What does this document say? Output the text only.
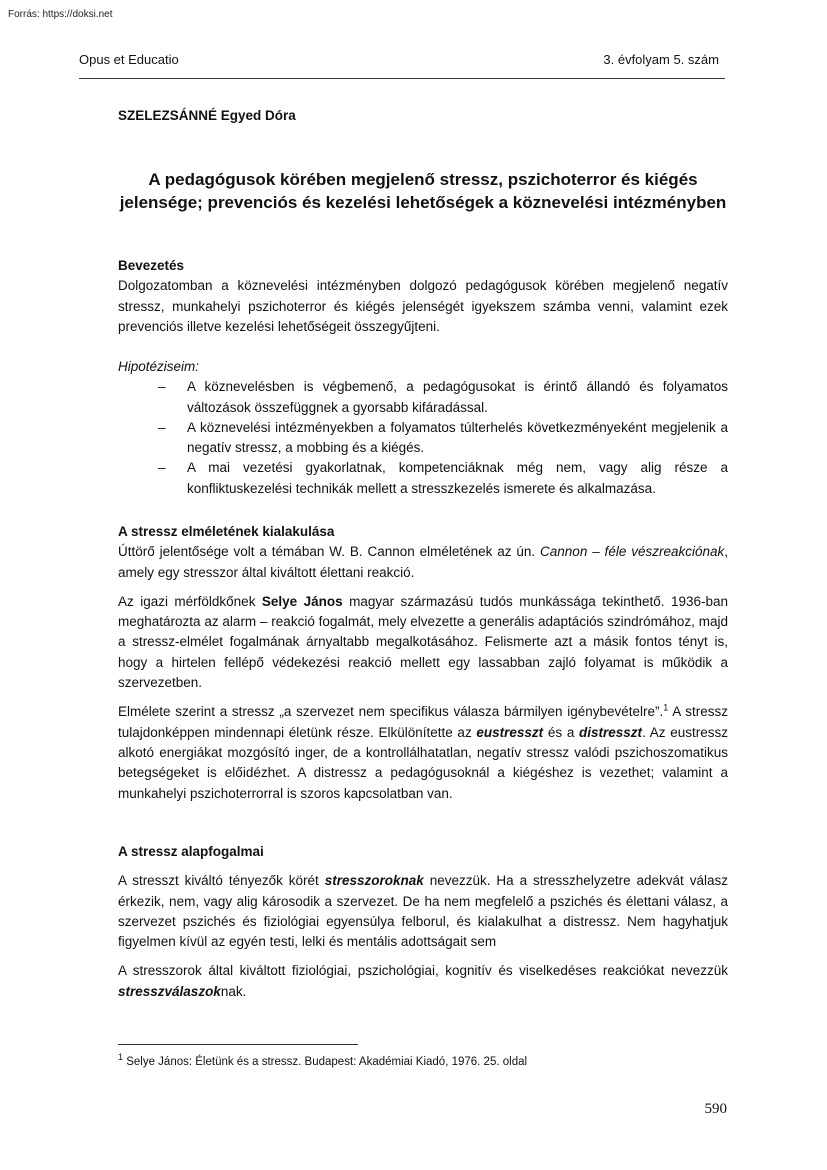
Forrás: https://doksi.net
Opus et Educatio	3. évfolyam 5. szám
SZELEZSÁNNÉ Egyed Dóra
A pedagógusok körében megjelenő stressz, pszichoterror és kiégés
jelensége; prevenciós és kezelési lehetőségek a köznevelési intézményben

Bevezetés

Dolgozatomban a köznevelési intézményben dolgozó pedagógusok körében megjelenő negatív stressz, munkahelyi pszichoterror és kiégés jelenségét igyekszem számba venni, valamint ezek prevenciós illetve kezelési lehetőségeit összegyűjteni.

Hipotéziseim:

– A köznevelésben is végbemenő, a pedagógusokat is érintő állandó és folyamatos változások összefüggnek a gyorsabb kifáradással.
– A köznevelési intézményekben a folyamatos túlterhelés következményeként megjelenik a negatív stressz, a mobbing és a kiégés.
– A mai vezetési gyakorlatnak, kompetenciáknak még nem, vagy alig része a konfliktuskezelési technikák mellett a stresszkezelés ismerete és alkalmazása.

A stressz elméletének kialakulása

Úttörő jelentősége volt a témában W. B. Cannon elméletének az ún. Cannon – féle vészreakciónak, amely egy stresszor által kiváltott élettani reakció.

Az igazi mérföldkőnek Selye János magyar származású tudós munkássága tekinthető. 1936-ban meghatározta az alarm – reakció fogalmát, mely elvezette a generális adaptációs szindrómához, majd a stressz-elmélet fogalmának árnyaltabb megalkotásához. Felismerte azt a másik fontos tényt is, hogy a hirtelen fellépő védekezési reakció mellett egy lassabban zajló folyamat is működik a szervezetben.

Elmélete szerint a stressz „a szervezet nem specifikus válasza bármilyen igénybevételre”.$^1$ A stressz tulajdonképpen mindennapi életünk része. Elkülönítette az eustresszt és a distresszt. Az eustressz alkotó energiákat mozgósító inger, de a kontrollálhatatlan, negatív stressz valódi pszichoszomatikus betegségeket is előidézhet. A distressz a pedagógusoknál a kiégéshez is vezethet; valamint a munkahelyi pszichoterrorral is szoros kapcsolatban van.

A stressz alapfogalmai

A stresszt kiváltó tényezők körét stresszoroknak nevezzük. Ha a stresszhelyzetre adekvát válasz érkezik, nem, vagy alig károsodik a szervezet. De ha nem megfelelő a pszichés és élettani válasz, a szervezet pszichés és fiziológiai egyensúlya felborul, és kialakulhat a distressz. Nem hagyhatjuk figyelmen kívül az egyén testi, lelki és mentális adottságait sem

A stresszorok által kiváltott fiziológiai, pszichológiai, kognitív és viselkedéses reakciókat nevezzük stresszválaszoknak.

$^1$ Selye János: Életünk és a stressz. Budapest: Akadémiai Kiadó, 1976. 25. oldal
590
